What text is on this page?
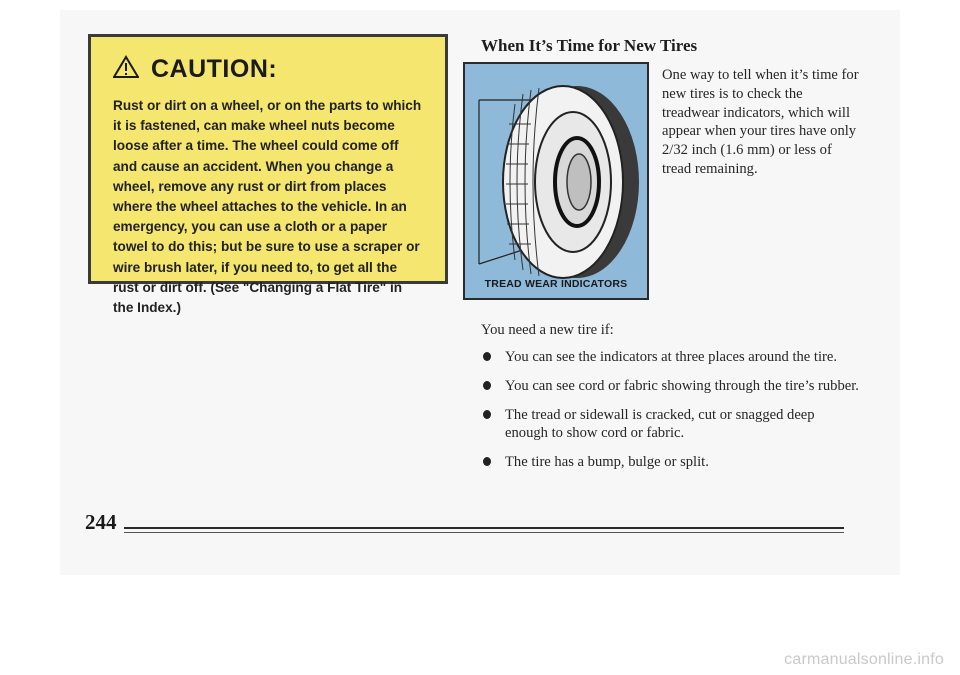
CAUTION:

Rust or dirt on a wheel, or on the parts to which it is fastened, can make wheel nuts become loose after a time. The wheel could come off and cause an accident. When you change a wheel, remove any rust or dirt from places where the wheel attaches to the vehicle. In an emergency, you can use a cloth or a paper towel to do this; but be sure to use a scraper or wire brush later, if you need to, to get all the rust or dirt off. (See "Changing a Flat Tire" in the Index.)

When It’s Time for New Tires
TREAD WEAR INDICATORS

One way to tell when it’s time for new tires is to check the treadwear indicators, which will appear when your tires have only 2/32 inch (1.6 mm) or less of tread remaining.

You need a new tire if:

You can see the indicators at three places around the tire.
You can see cord or fabric showing through the tire’s rubber.
The tread or sidewall is cracked, cut or snagged deep enough to show cord or fabric.
The tire has a bump, bulge or split.
244
carmanualsonline.info
